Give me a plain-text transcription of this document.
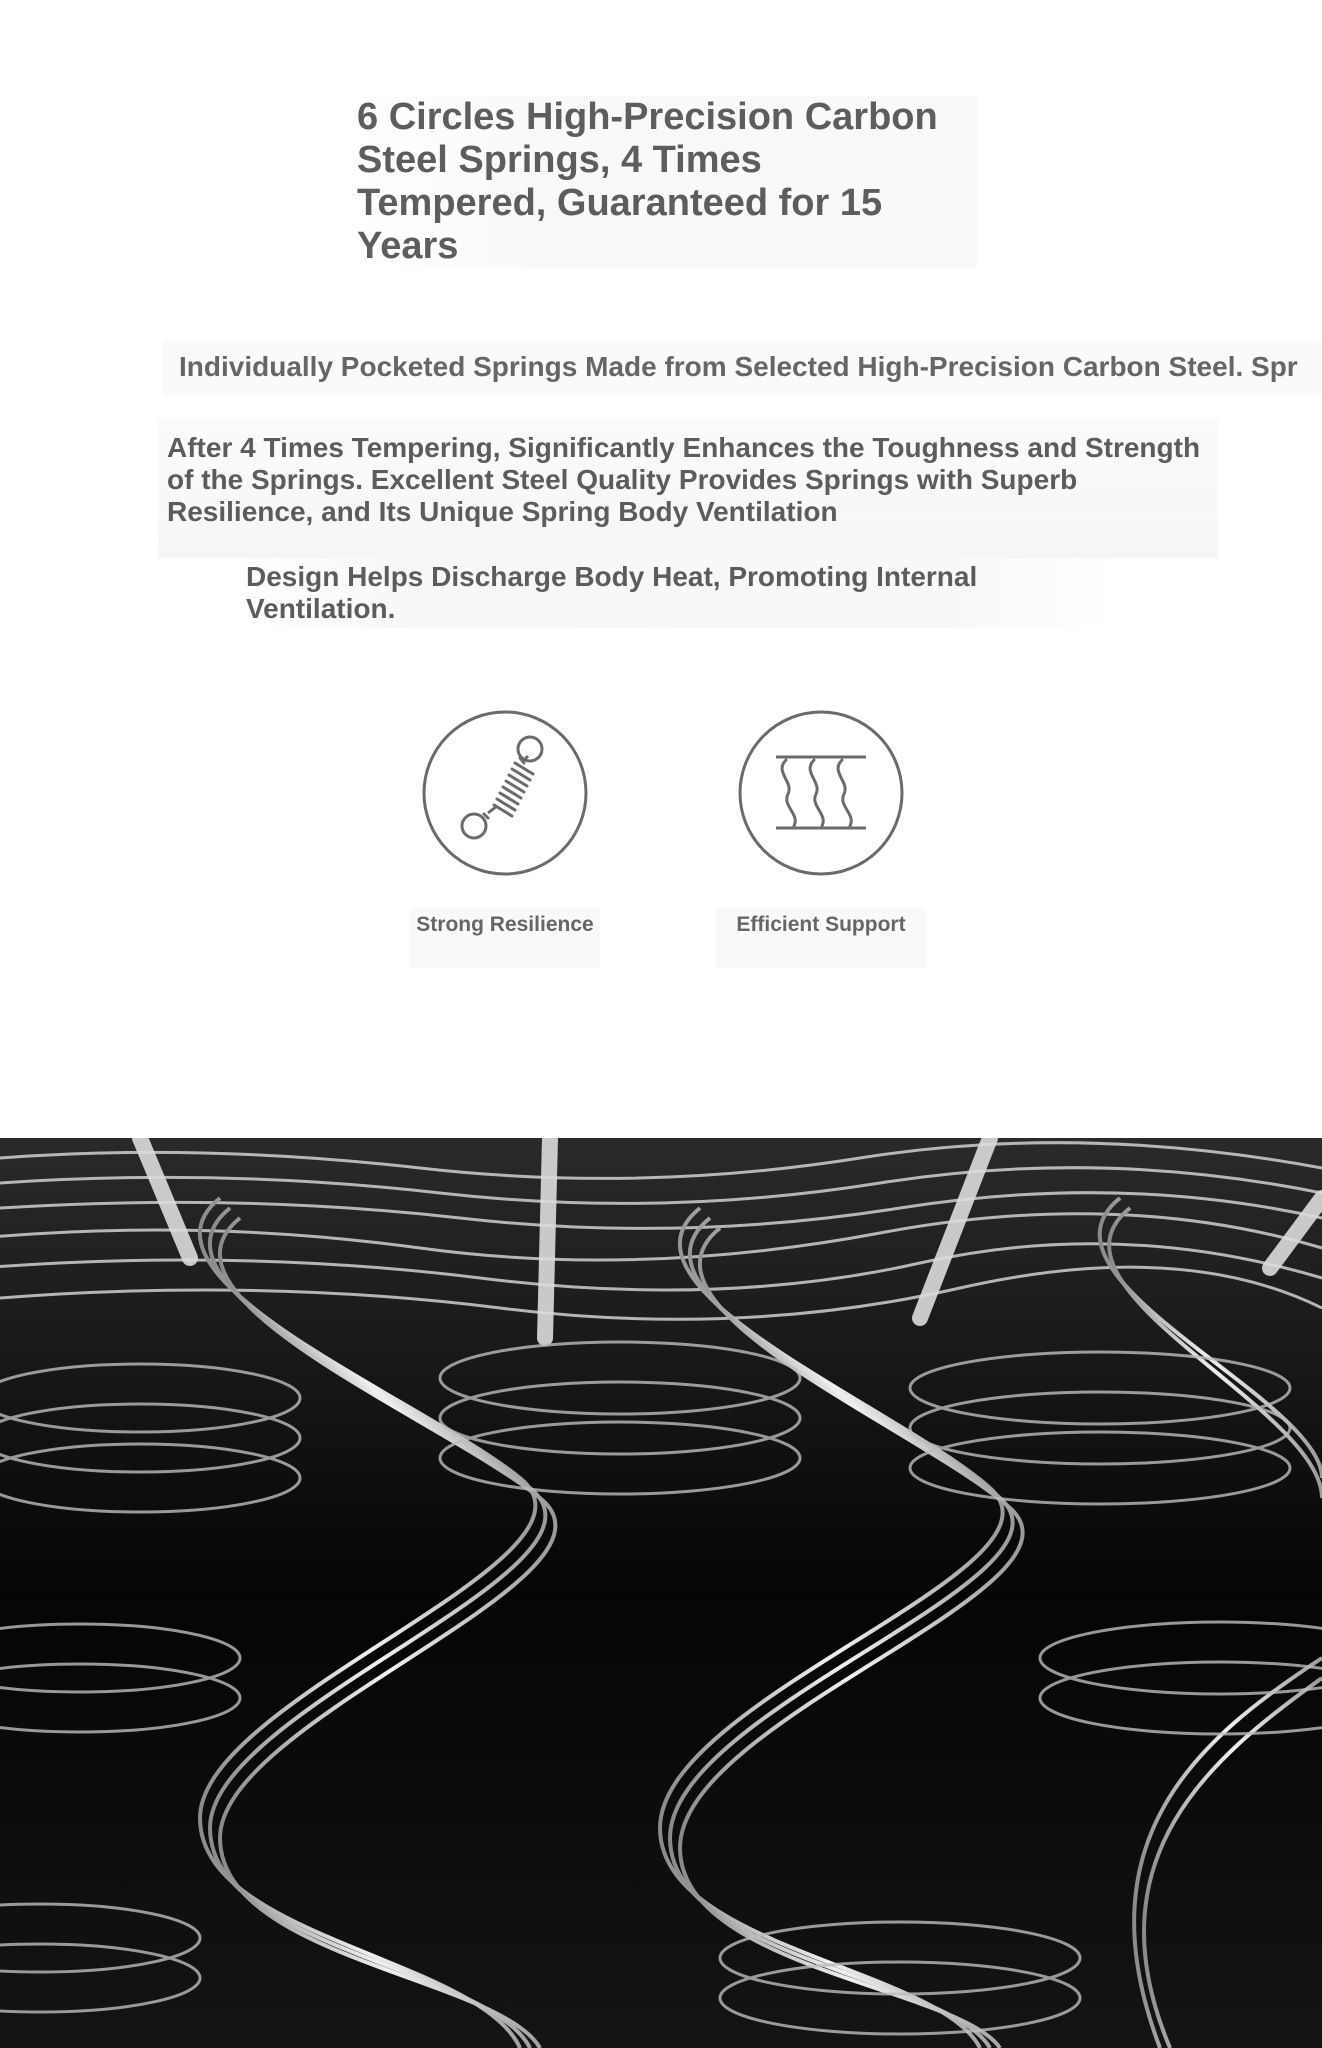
6 Circles High-Precision Carbon Steel Springs, 4 Times Tempered, Guaranteed for 15 Years
Individually Pocketed Springs Made from Selected High-Precision Carbon Steel. Spr
After 4 Times Tempering, Significantly Enhances the Toughness and Strength of the Springs. Excellent Steel Quality Provides Springs with Superb Resilience, and Its Unique Spring Body Ventilation
Design Helps Discharge Body Heat, Promoting Internal Ventilation.
Strong Resilience	Efficient Support
